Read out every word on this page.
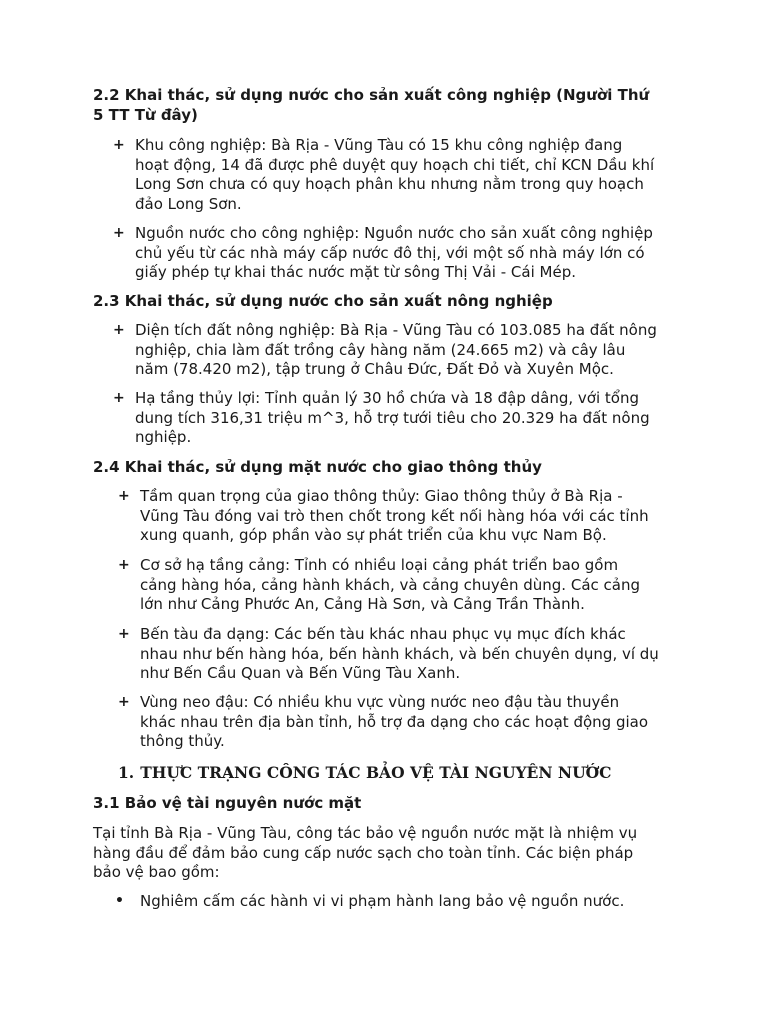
2.2 Khai thác, sử dụng nước cho sản xuất công nghiệp (Người Thứ
5 TT Từ đây)
+ Khu công nghiệp: Bà Rịa - Vũng Tàu có 15 khu công nghiệp đang
hoạt động, 14 đã được phê duyệt quy hoạch chi tiết, chỉ KCN Dầu khí
Long Sơn chưa có quy hoạch phân khu nhưng nằm trong quy hoạch
đảo Long Sơn.
+ Nguồn nước cho công nghiệp: Nguồn nước cho sản xuất công nghiệp
chủ yếu từ các nhà máy cấp nước đô thị, với một số nhà máy lớn có
giấy phép tự khai thác nước mặt từ sông Thị Vải - Cái Mép.
2.3 Khai thác, sử dụng nước cho sản xuất nông nghiệp
+ Diện tích đất nông nghiệp: Bà Rịa - Vũng Tàu có 103.085 ha đất nông
nghiệp, chia làm đất trồng cây hàng năm (24.665 m2) và cây lâu
năm (78.420 m2), tập trung ở Châu Đức, Đất Đỏ và Xuyên Mộc.
+ Hạ tầng thủy lợi: Tỉnh quản lý 30 hồ chứa và 18 đập dâng, với tổng
dung tích 316,31 triệu m^3, hỗ trợ tưới tiêu cho 20.329 ha đất nông
nghiệp.
2.4 Khai thác, sử dụng mặt nước cho giao thông thủy
+ Tầm quan trọng của giao thông thủy: Giao thông thủy ở Bà Rịa -
Vũng Tàu đóng vai trò then chốt trong kết nối hàng hóa với các tỉnh
xung quanh, góp phần vào sự phát triển của khu vực Nam Bộ.
+ Cơ sở hạ tầng cảng: Tỉnh có nhiều loại cảng phát triển bao gồm
cảng hàng hóa, cảng hành khách, và cảng chuyên dùng. Các cảng
lớn như Cảng Phước An, Cảng Hà Sơn, và Cảng Trần Thành.
+ Bến tàu đa dạng: Các bến tàu khác nhau phục vụ mục đích khác
nhau như bến hàng hóa, bến hành khách, và bến chuyên dụng, ví dụ
như Bến Cầu Quan và Bến Vũng Tàu Xanh.
+ Vùng neo đậu: Có nhiều khu vực vùng nước neo đậu tàu thuyền
khác nhau trên địa bàn tỉnh, hỗ trợ đa dạng cho các hoạt động giao
thông thủy.
1. THỰC TRẠNG CÔNG TÁC BẢO VỆ TÀI NGUYÊN NƯỚC
3.1 Bảo vệ tài nguyên nước mặt
Tại tỉnh Bà Rịa - Vũng Tàu, công tác bảo vệ nguồn nước mặt là nhiệm vụ
hàng đầu để đảm bảo cung cấp nước sạch cho toàn tỉnh. Các biện pháp
bảo vệ bao gồm:
• Nghiêm cấm các hành vi vi phạm hành lang bảo vệ nguồn nước.
